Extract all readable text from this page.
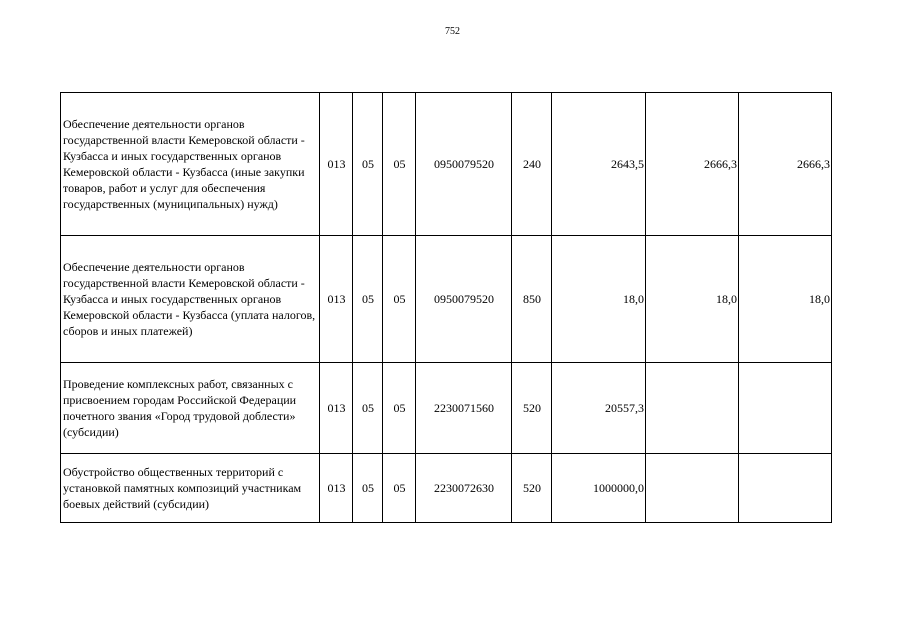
752
Обеспечение деятельности органов государственной власти Кемеровской области - Кузбасса и иных государственных органов Кемеровской области - Кузбасса (иные закупки товаров, работ и услуг для обеспечения государственных (муниципальных) нужд)	013	05	05	0950079520	240	2643,5	2666,3	2666,3
Обеспечение деятельности органов государственной власти Кемеровской области - Кузбасса и иных государственных органов Кемеровской области - Кузбасса (уплата налогов, сборов и иных платежей)	013	05	05	0950079520	850	18,0	18,0	18,0
Проведение комплексных работ, связанных с присвоением городам Российской Федерации почетного звания «Город трудовой доблести» (субсидии)	013	05	05	2230071560	520	20557,3		
Обустройство общественных территорий с установкой памятных композиций участникам боевых действий (субсидии)	013	05	05	2230072630	520	1000000,0		
